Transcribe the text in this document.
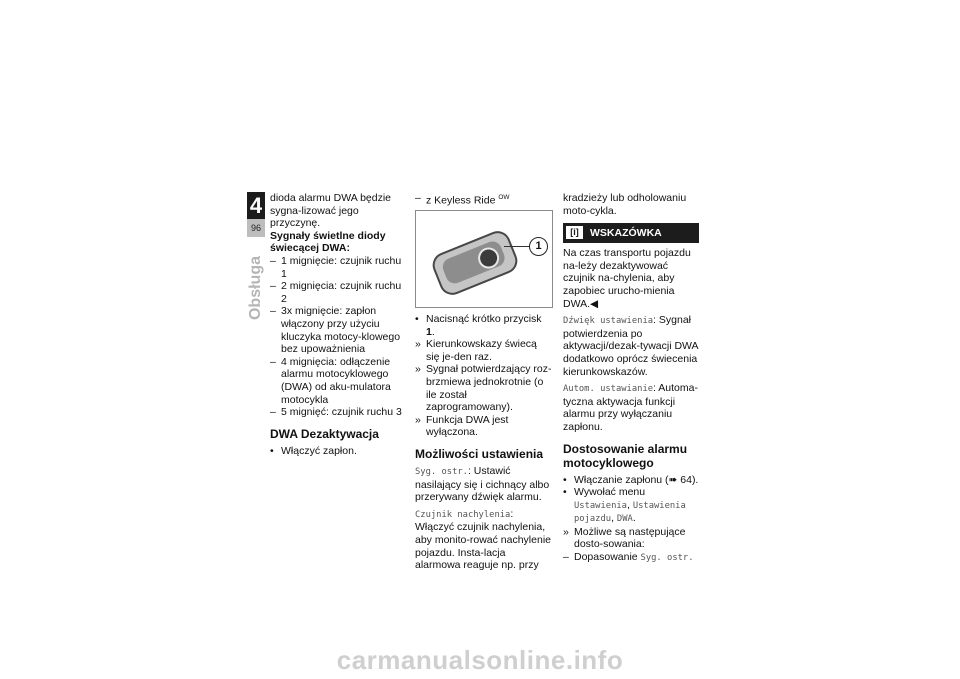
4
96
Obsługa

dioda alarmu DWA będzie sygna-lizować jego przyczynę.

Sygnały świetlne diody świecącej DWA:

– 1 mignięcie: czujnik ruchu 1
– 2 mignięcia: czujnik ruchu 2
– 3x mignięcie: zapłon włączony przy użyciu kluczyka motocy-klowego bez upoważnienia
– 4 mignięcia: odłączenie alarmu motocyklowego (DWA) od aku-mulatora motocykla
– 5 mignięć: czujnik ruchu 3

DWA Dezaktywacja

• Włączyć zapłon.
– z Keyless Ride $^{OW}$
1
• Nacisnąć krótko przycisk 1.
» Kierunkowskazy świecą się je-den raz.
» Sygnał potwierdzający roz-brzmiewa jednokrotnie (o ile został zaprogramowany).
» Funkcja DWA jest wyłączona.

Możliwości ustawienia

Syg. ostr.: Ustawić nasilający się i cichnący albo przerywany dźwięk alarmu.

Czujnik nachylenia: Włączyć czujnik nachylenia, aby monito-rować nachylenie pojazdu. Insta-lacja alarmowa reaguje np. przy

kradzieży lub odholowaniu moto-cykla.

[i]	WSKAZÓWKA

Na czas transportu pojazdu na-leży dezaktywować czujnik na-chylenia, aby zapobiec urucho-mienia DWA.◀

Dźwięk ustawienia: Sygnał potwierdzenia po aktywacji/dezak-tywacji DWA dodatkowo oprócz świecenia kierunkowskazów.

Autom. ustawianie: Automa-tyczna aktywacja funkcji alarmu przy wyłączaniu zapłonu.

Dostosowanie alarmu motocyklowego

• Włączanie zapłonu (➠ 64).
• Wywołać menu Ustawienia, Ustawienia pojazdu, DWA.
» Możliwe są następujące dosto-sowania:
– Dopasowanie Syg. ostr.
carmanualsonline.info
